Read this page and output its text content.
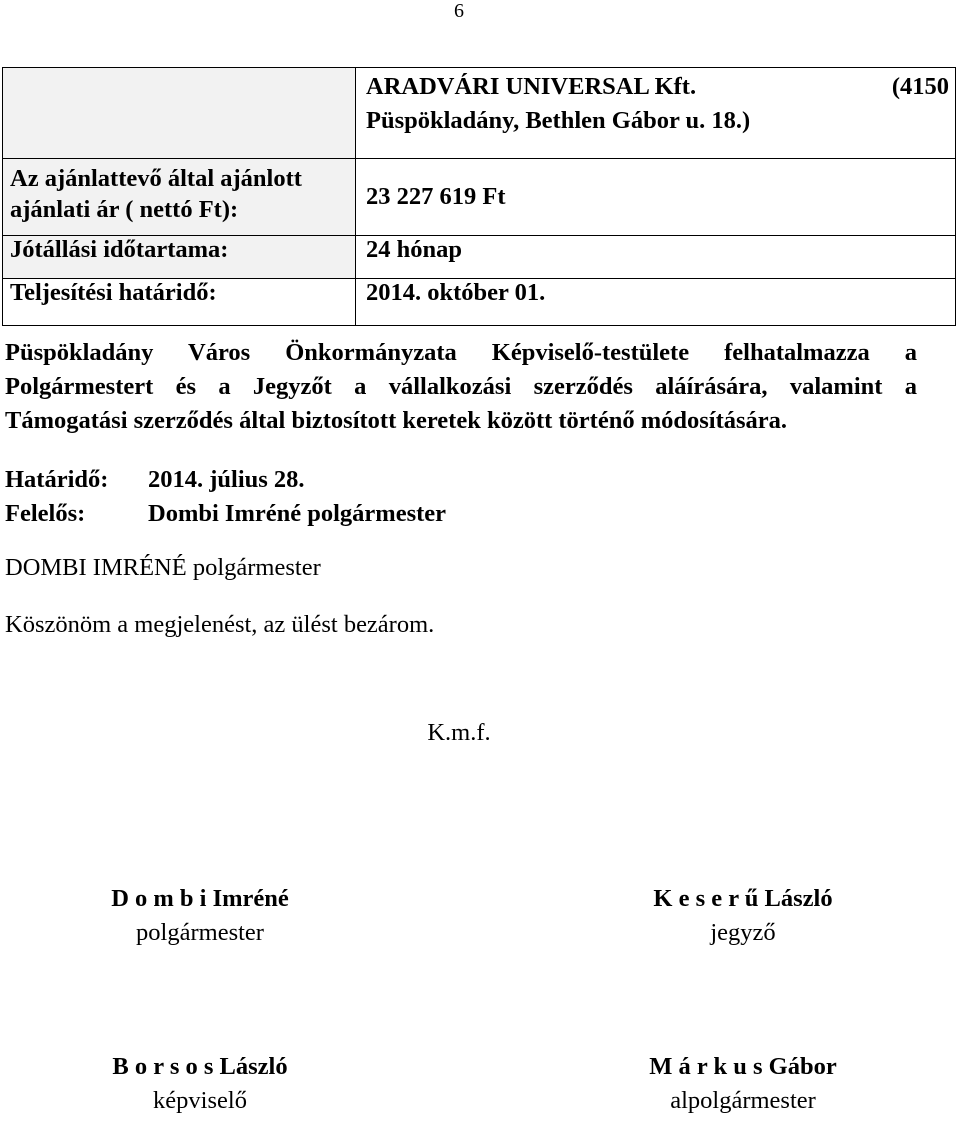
6

	ARADVÁRI UNIVERSAL Kft. (4150
Püspökladány, Bethlen Gábor u. 18.)

Az ajánlattevő által ajánlott
ajánlati ár ( nettó Ft):	23 227 619 Ft
Jótállási időtartama:	24 hónap
Teljesítési határidő:	2014. október 01.

Püspökladány Város Önkormányzata Képviselő-testülete felhatalmazza a

Polgármestert és a Jegyzőt a vállalkozási szerződés aláírására, valamint a

Támogatási szerződés által biztosított keretek között történő módosítására.

Határidő:	2014. július 28.
Felelős:	Dombi Imréné polgármester
DOMBI IMRÉNÉ polgármester
Köszönöm a megjelenést, az ülést bezárom.
K.m.f.
D o m b i Imréné
polgármester
K e s e r ű László
jegyző
B o r s o s László
képviselő
M á r k u s Gábor
alpolgármester
